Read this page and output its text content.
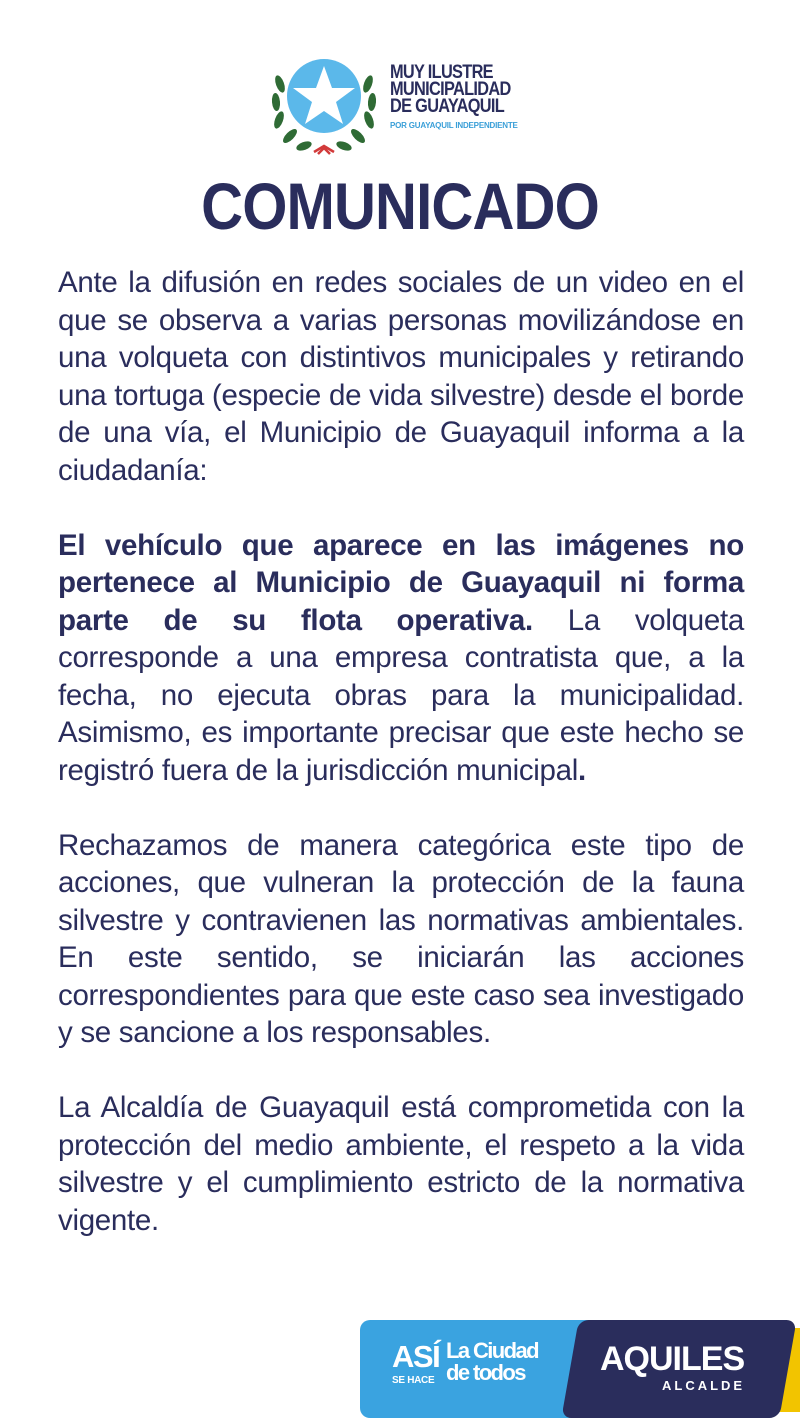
MUY ILUSTRE
MUNICIPALIDAD
DE GUAYAQUIL
POR GUAYAQUIL INDEPENDIENTE
COMUNICADO

Ante la difusión en redes sociales de un video en el que se observa a varias personas movilizándose en una volqueta con distintivos municipales y retirando una tortuga (especie de vida silvestre) desde el borde de una vía, el Municipio de Guayaquil informa a la ciudadanía:

El vehículo que aparece en las imágenes no pertenece al Municipio de Guayaquil ni forma parte de su flota operativa. La volqueta corresponde a una empresa contratista que, a la fecha, no ejecuta obras para la municipalidad. Asimismo, es importante precisar que este hecho se registró fuera de la jurisdicción municipal.

Rechazamos de manera categórica este tipo de acciones, que vulneran la protección de la fauna silvestre y contravienen las normativas ambientales. En este sentido, se iniciarán las acciones correspondientes para que este caso sea investigado y se sancione a los responsables.

La Alcaldía de Guayaquil está comprometida con la protección del medio ambiente, el respeto a la vida silvestre y el cumplimiento estricto de la normativa vigente.

ASÍ
SE HACE
La Ciudad
de todos	AQUILES
ALCALDE
